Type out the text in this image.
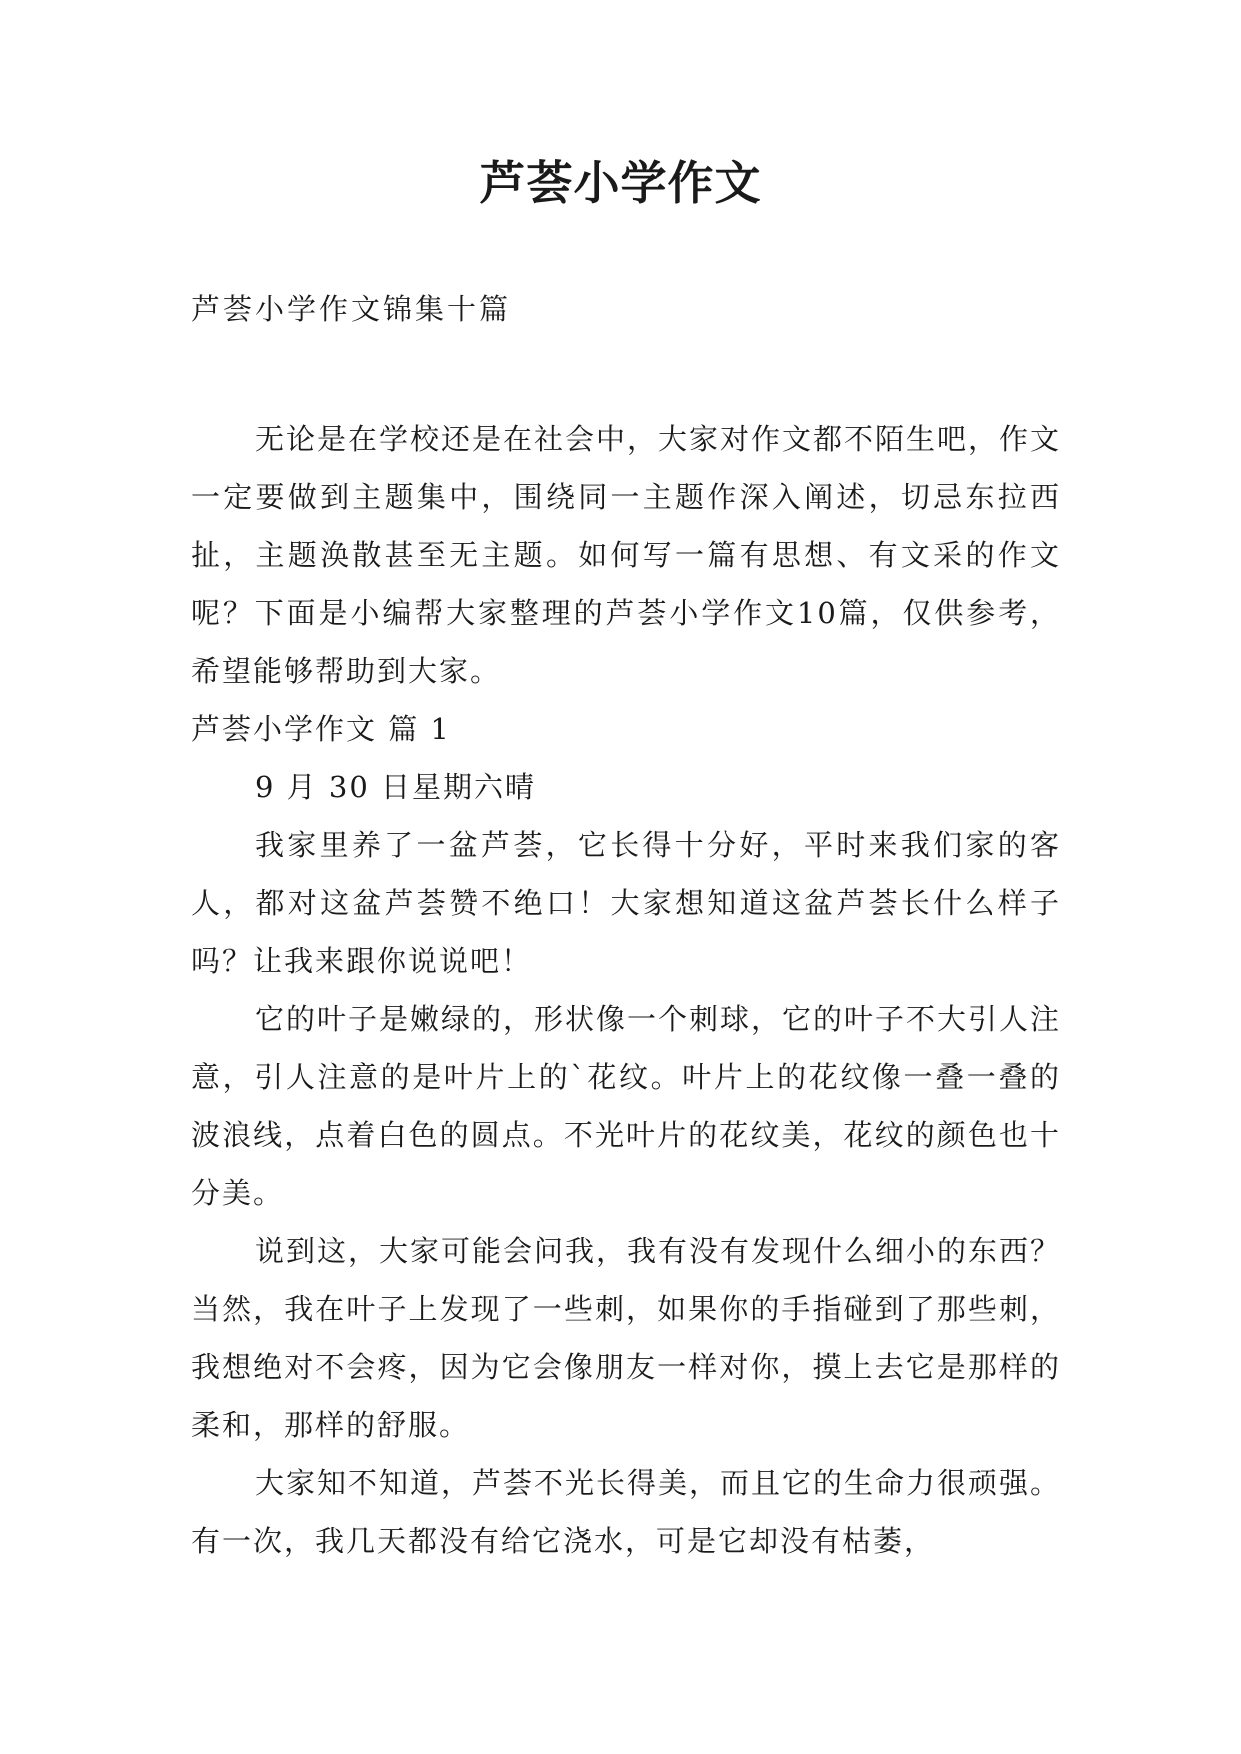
芦荟小学作文
芦荟小学作文锦集十篇

无论是在学校还是在社会中，大家对作文都不陌生吧，作文一定要做到主题集中，围绕同一主题作深入阐述，切忌东拉西扯，主题涣散甚至无主题。如何写一篇有思想、有文采的作文呢？下面是小编帮大家整理的芦荟小学作文10篇，仅供参考，希望能够帮助到大家。

芦荟小学作文 篇 1

9 月 30 日星期六晴

我家里养了一盆芦荟，它长得十分好，平时来我们家的客人，都对这盆芦荟赞不绝口！大家想知道这盆芦荟长什么样子吗？让我来跟你说说吧！

它的叶子是嫩绿的，形状像一个刺球，它的叶子不大引人注意，引人注意的是叶片上的`花纹。叶片上的花纹像一叠一叠的波浪线，点着白色的圆点。不光叶片的花纹美，花纹的颜色也十分美。

说到这，大家可能会问我，我有没有发现什么细小的东西？当然，我在叶子上发现了一些刺，如果你的手指碰到了那些刺，我想绝对不会疼，因为它会像朋友一样对你，摸上去它是那样的柔和，那样的舒服。

大家知不知道，芦荟不光长得美，而且它的生命力很顽强。有一次，我几天都没有给它浇水，可是它却没有枯萎，
